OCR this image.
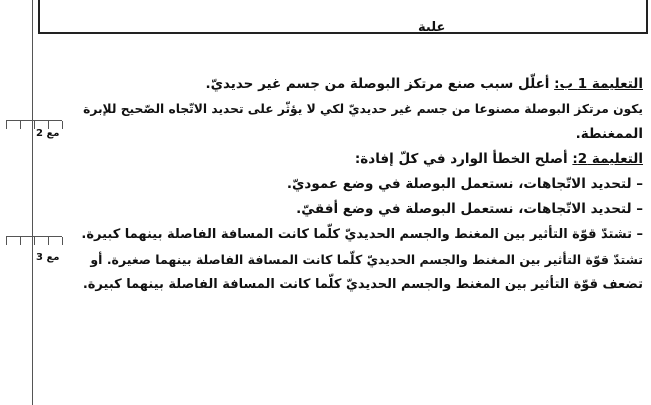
علبة
مع 2
مع 3
التعليمة 1 ب: أعلّل سبب صنع مرتكز البوصلة من جسم غير حديديّ.
يكون مرتكز البوصلة مصنوعا من جسم غير حديديّ لكي لا يؤثّر على تحديد الاتّجاه الصّحيح للإبرة
الممغنطة.
التعليمة 2: أصلح الخطأ الوارد في كلّ إفادة:
– لتحديد الاتّجاهات، نستعمل البوصلة في وضع عموديّ.
– لتحديد الاتّجاهات، نستعمل البوصلة في وضع أفقيّ.
– تشتدّ قوّة التأثير بين المغنط والجسم الحديديّ كلّما كانت المسافة الفاصلة بينهما كبيرة.
تشتدّ قوّة التأثير بين المغنط والجسم الحديديّ كلّما كانت المسافة الفاصلة بينهما صغيرة. أو
تضعف قوّة التأثير بين المغنط والجسم الحديديّ كلّما كانت المسافة الفاصلة بينهما كبيرة.
